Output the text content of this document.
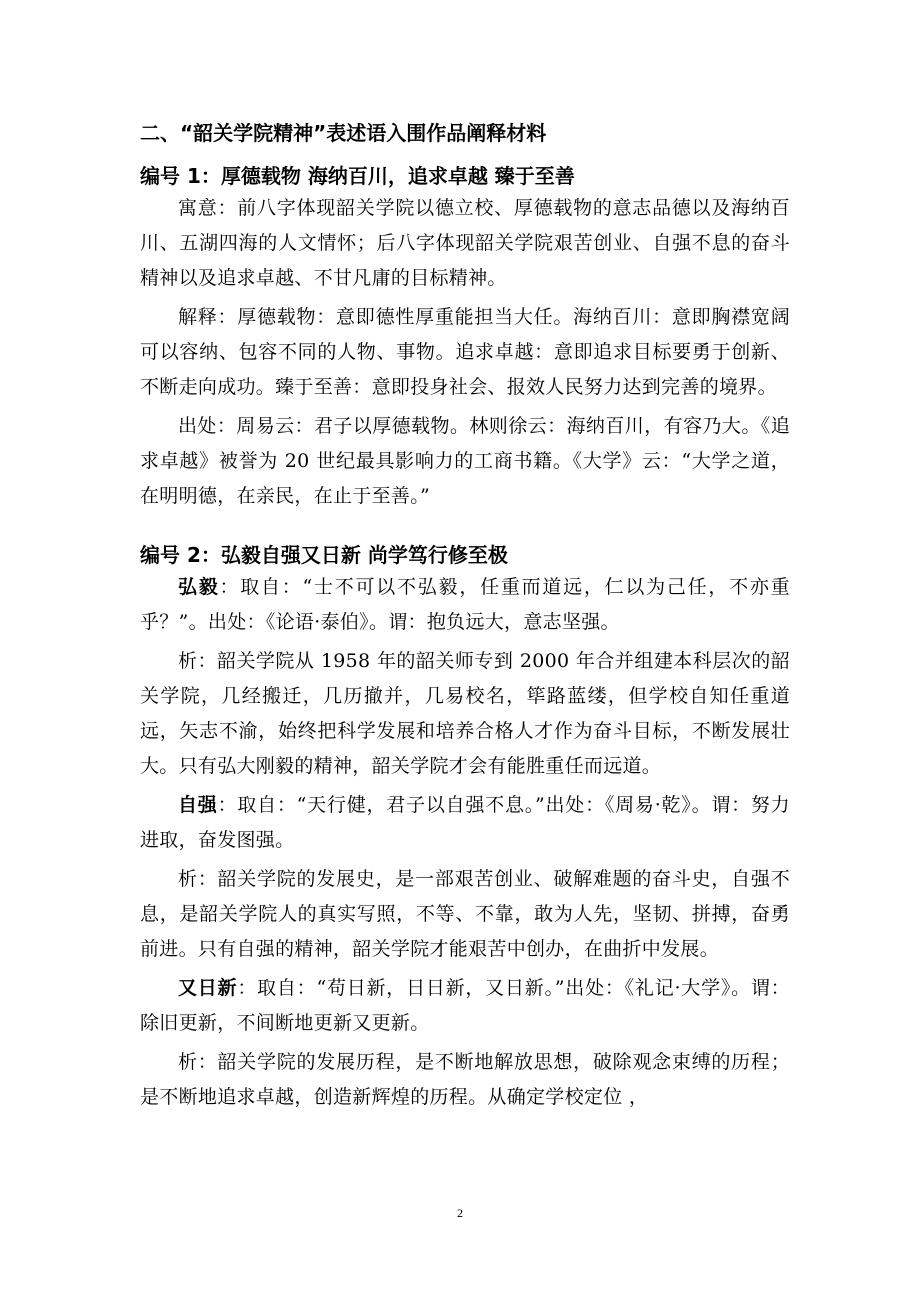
二、“韶关学院精神”表述语入围作品阐释材料
编号 1：厚德载物 海纳百川，追求卓越 臻于至善

寓意：前八字体现韶关学院以德立校、厚德载物的意志品德以及海纳百川、五湖四海的人文情怀；后八字体现韶关学院艰苦创业、自强不息的奋斗精神以及追求卓越、不甘凡庸的目标精神。

解释：厚德载物：意即德性厚重能担当大任。海纳百川：意即胸襟宽阔可以容纳、包容不同的人物、事物。追求卓越：意即追求目标要勇于创新、不断走向成功。臻于至善：意即投身社会、报效人民努力达到完善的境界。

出处：周易云：君子以厚德载物。林则徐云：海纳百川，有容乃大。《追求卓越》被誉为 20 世纪最具影响力的工商书籍。《大学》云：“大学之道，在明明德，在亲民，在止于至善。”

编号 2：弘毅自强又日新 尚学笃行修至极

弘毅：取自：“士不可以不弘毅，任重而道远，仁以为己任，不亦重乎？”。出处：《论语·泰伯》。谓：抱负远大，意志坚强。

析：韶关学院从 1958 年的韶关师专到 2000 年合并组建本科层次的韶关学院，几经搬迁，几历撤并，几易校名，筚路蓝缕，但学校自知任重道远，矢志不渝，始终把科学发展和培养合格人才作为奋斗目标，不断发展壮大。只有弘大刚毅的精神，韶关学院才会有能胜重任而远道。

自强：取自：“天行健，君子以自强不息。”出处：《周易·乾》。谓：努力进取，奋发图强。

析：韶关学院的发展史，是一部艰苦创业、破解难题的奋斗史，自强不息，是韶关学院人的真实写照，不等、不靠，敢为人先，坚韧、拼搏，奋勇前进。只有自强的精神，韶关学院才能艰苦中创办，在曲折中发展。

又日新：取自：“苟日新，日日新，又日新。”出处：《礼记·大学》。谓：除旧更新，不间断地更新又更新。

析：韶关学院的发展历程，是不断地解放思想，破除观念束缚的历程；是不断地追求卓越，创造新辉煌的历程。从确定学校定位 ，

2
